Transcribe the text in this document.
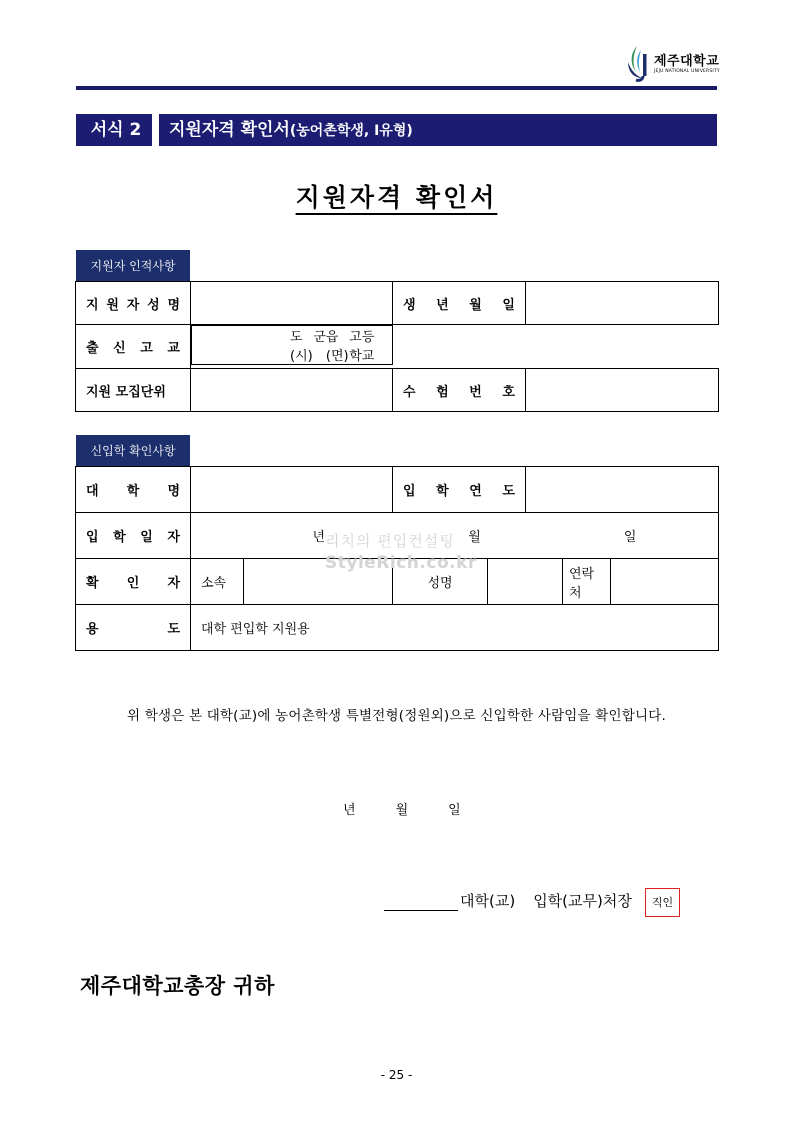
제주대학교
JEJU NATIONAL UNIVERSITY
서식 2	지원자격 확인서(농어촌학생, Ⅰ유형)
지원자격 확인서
지원자 인적사항
지 원 자 성 명		생 년 월 일	

출 신 고 교

도(시)
군 읍(면)
고등학교

지원 모집단위		수 험 번 호	

신입학 확인사항
대 학 명			입 학 연 도				

입 학 일 자	년 월 일						

확 인 자	소속		성명			연락처	

용 도	대학 편입학 지원용						
리치의 편입컨설팅
StyleRich.co.kr
위 학생은 본 대학(교)에 농어촌학생 특별전형(정원외)으로 신입학한 사람임을 확인합니다.
년	월	일
대학(교) 입학(교무)처장	직인
제주대학교총장 귀하
- 25 -
